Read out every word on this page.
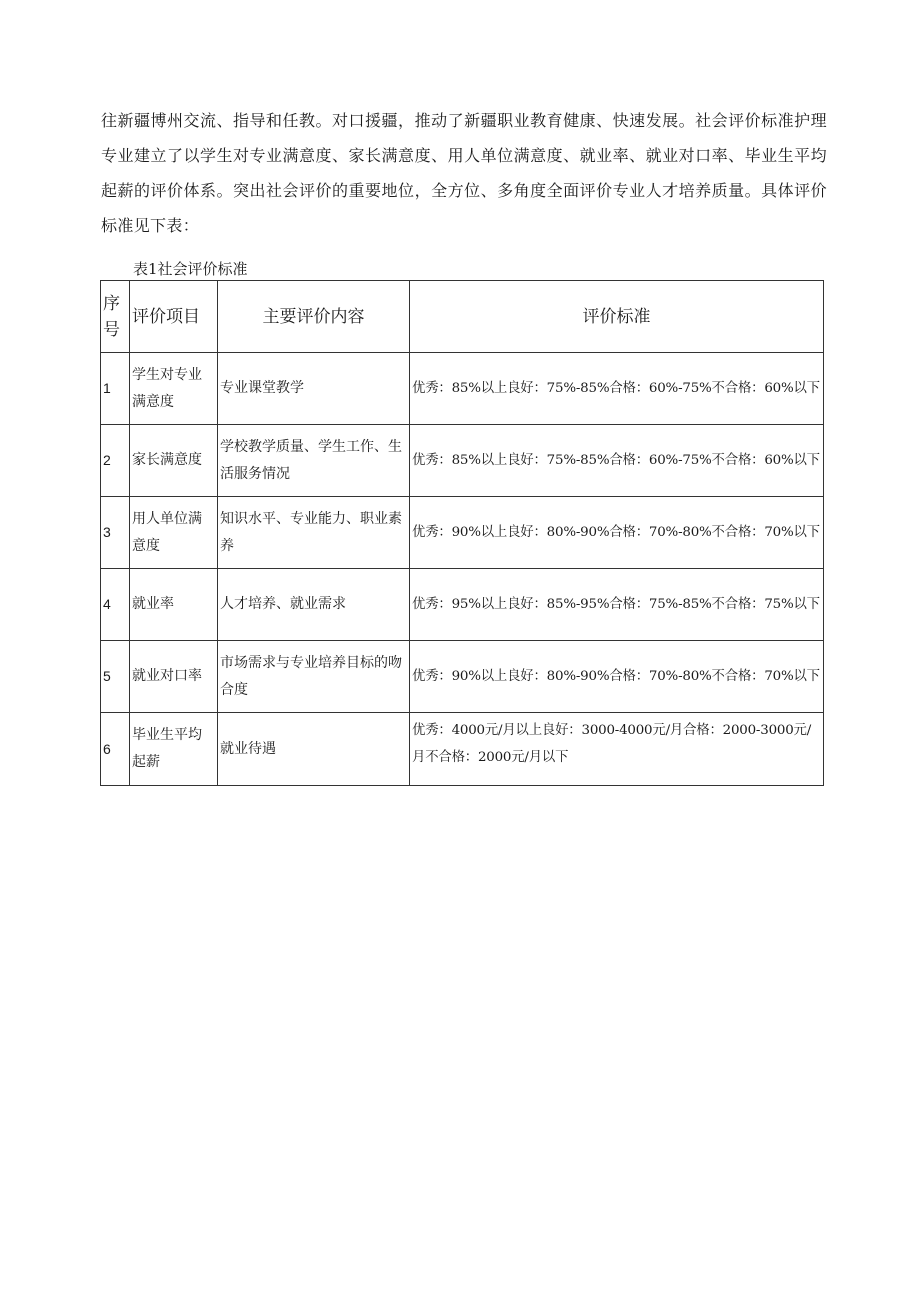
往新疆博州交流、指导和任教。对口援疆，推动了新疆职业教育健康、快速发展。社会评价标准护理专业建立了以学生对专业满意度、家长满意度、用人单位满意度、就业率、就业对口率、毕业生平均起薪的评价体系。突出社会评价的重要地位，全方位、多角度全面评价专业人才培养质量。具体评价标准见下表：

表1社会评价标准
序号	评价项目	主要评价内容	评价标准
1	学生对专业满意度	专业课堂教学	优秀：85%以上良好：75%-85%合格：60%-75%不合格：60%以下
2	家长满意度	学校教学质量、学生工作、生活服务情况	优秀：85%以上良好：75%-85%合格：60%-75%不合格：60%以下
3	用人单位满意度	知识水平、专业能力、职业素养	优秀：90%以上良好：80%-90%合格：70%-80%不合格：70%以下
4	就业率	人才培养、就业需求	优秀：95%以上良好：85%-95%合格：75%-85%不合格：75%以下
5	就业对口率	市场需求与专业培养目标的吻合度	优秀：90%以上良好：80%-90%合格：70%-80%不合格：70%以下
6	毕业生平均起薪	就业待遇	优秀：4000元/月以上良好：3000-4000元/月合格：2000-3000元/月不合格：2000元/月以下
